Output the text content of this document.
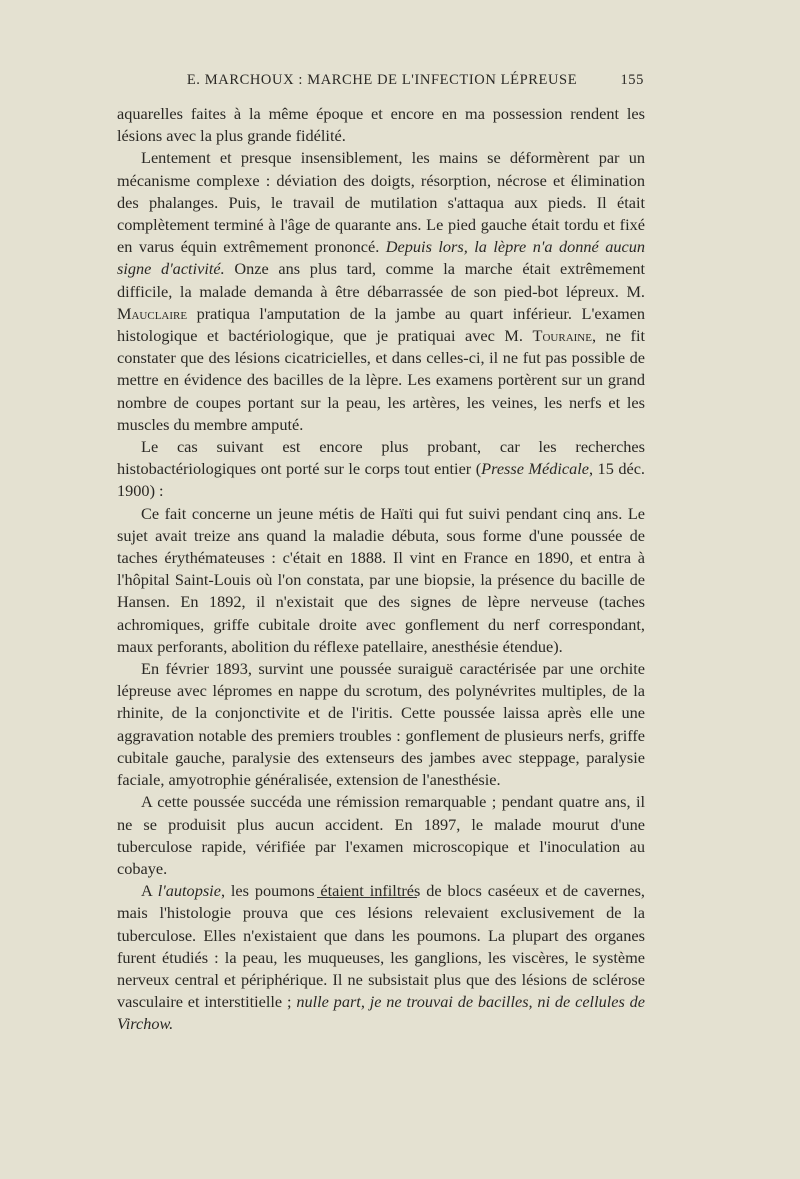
E. MARCHOUX : MARCHE DE L'INFECTION LÉPREUSE	155

aquarelles faites à la même époque et encore en ma possession rendent les lésions avec la plus grande fidélité.

Lentement et presque insensiblement, les mains se déformèrent par un mécanisme complexe : déviation des doigts, résorption, nécrose et élimination des phalanges. Puis, le travail de mutilation s'attaqua aux pieds. Il était complètement terminé à l'âge de quarante ans. Le pied gauche était tordu et fixé en varus équin extrêmement prononcé. Depuis lors, la lèpre n'a donné aucun signe d'activité. Onze ans plus tard, comme la marche était extrêmement difficile, la malade demanda à être débarrassée de son pied-bot lépreux. M. Mauclaire pratiqua l'amputation de la jambe au quart inférieur. L'examen histologique et bactériologique, que je pratiquai avec M. Touraine, ne fit constater que des lésions cicatricielles, et dans celles-ci, il ne fut pas possible de mettre en évidence des bacilles de la lèpre. Les examens portèrent sur un grand nombre de coupes portant sur la peau, les artères, les veines, les nerfs et les muscles du membre amputé.

Le cas suivant est encore plus probant, car les recherches histobactériologiques ont porté sur le corps tout entier (Presse Médicale, 15 déc. 1900) :

Ce fait concerne un jeune métis de Haïti qui fut suivi pendant cinq ans. Le sujet avait treize ans quand la maladie débuta, sous forme d'une poussée de taches érythémateuses : c'était en 1888. Il vint en France en 1890, et entra à l'hôpital Saint-Louis où l'on constata, par une biopsie, la présence du bacille de Hansen. En 1892, il n'existait que des signes de lèpre nerveuse (taches achromiques, griffe cubitale droite avec gonflement du nerf correspondant, maux perforants, abolition du réflexe patellaire, anesthésie étendue).

En février 1893, survint une poussée suraiguë caractérisée par une orchite lépreuse avec lépromes en nappe du scrotum, des polynévrites multiples, de la rhinite, de la conjonctivite et de l'iritis. Cette poussée laissa après elle une aggravation notable des premiers troubles : gonflement de plusieurs nerfs, griffe cubitale gauche, paralysie des extenseurs des jambes avec steppage, paralysie faciale, amyotrophie généralisée, extension de l'anesthésie.

A cette poussée succéda une rémission remarquable ; pendant quatre ans, il ne se produisit plus aucun accident. En 1897, le malade mourut d'une tuberculose rapide, vérifiée par l'examen microscopique et l'inoculation au cobaye.

A l'autopsie, les poumons étaient infiltrés de blocs caséeux et de cavernes, mais l'histologie prouva que ces lésions relevaient exclusivement de la tuberculose. Elles n'existaient que dans les poumons. La plupart des organes furent étudiés : la peau, les muqueuses, les ganglions, les viscères, le système nerveux central et périphérique. Il ne subsistait plus que des lésions de sclérose vasculaire et interstitielle ; nulle part, je ne trouvai de bacilles, ni de cellules de Virchow.
